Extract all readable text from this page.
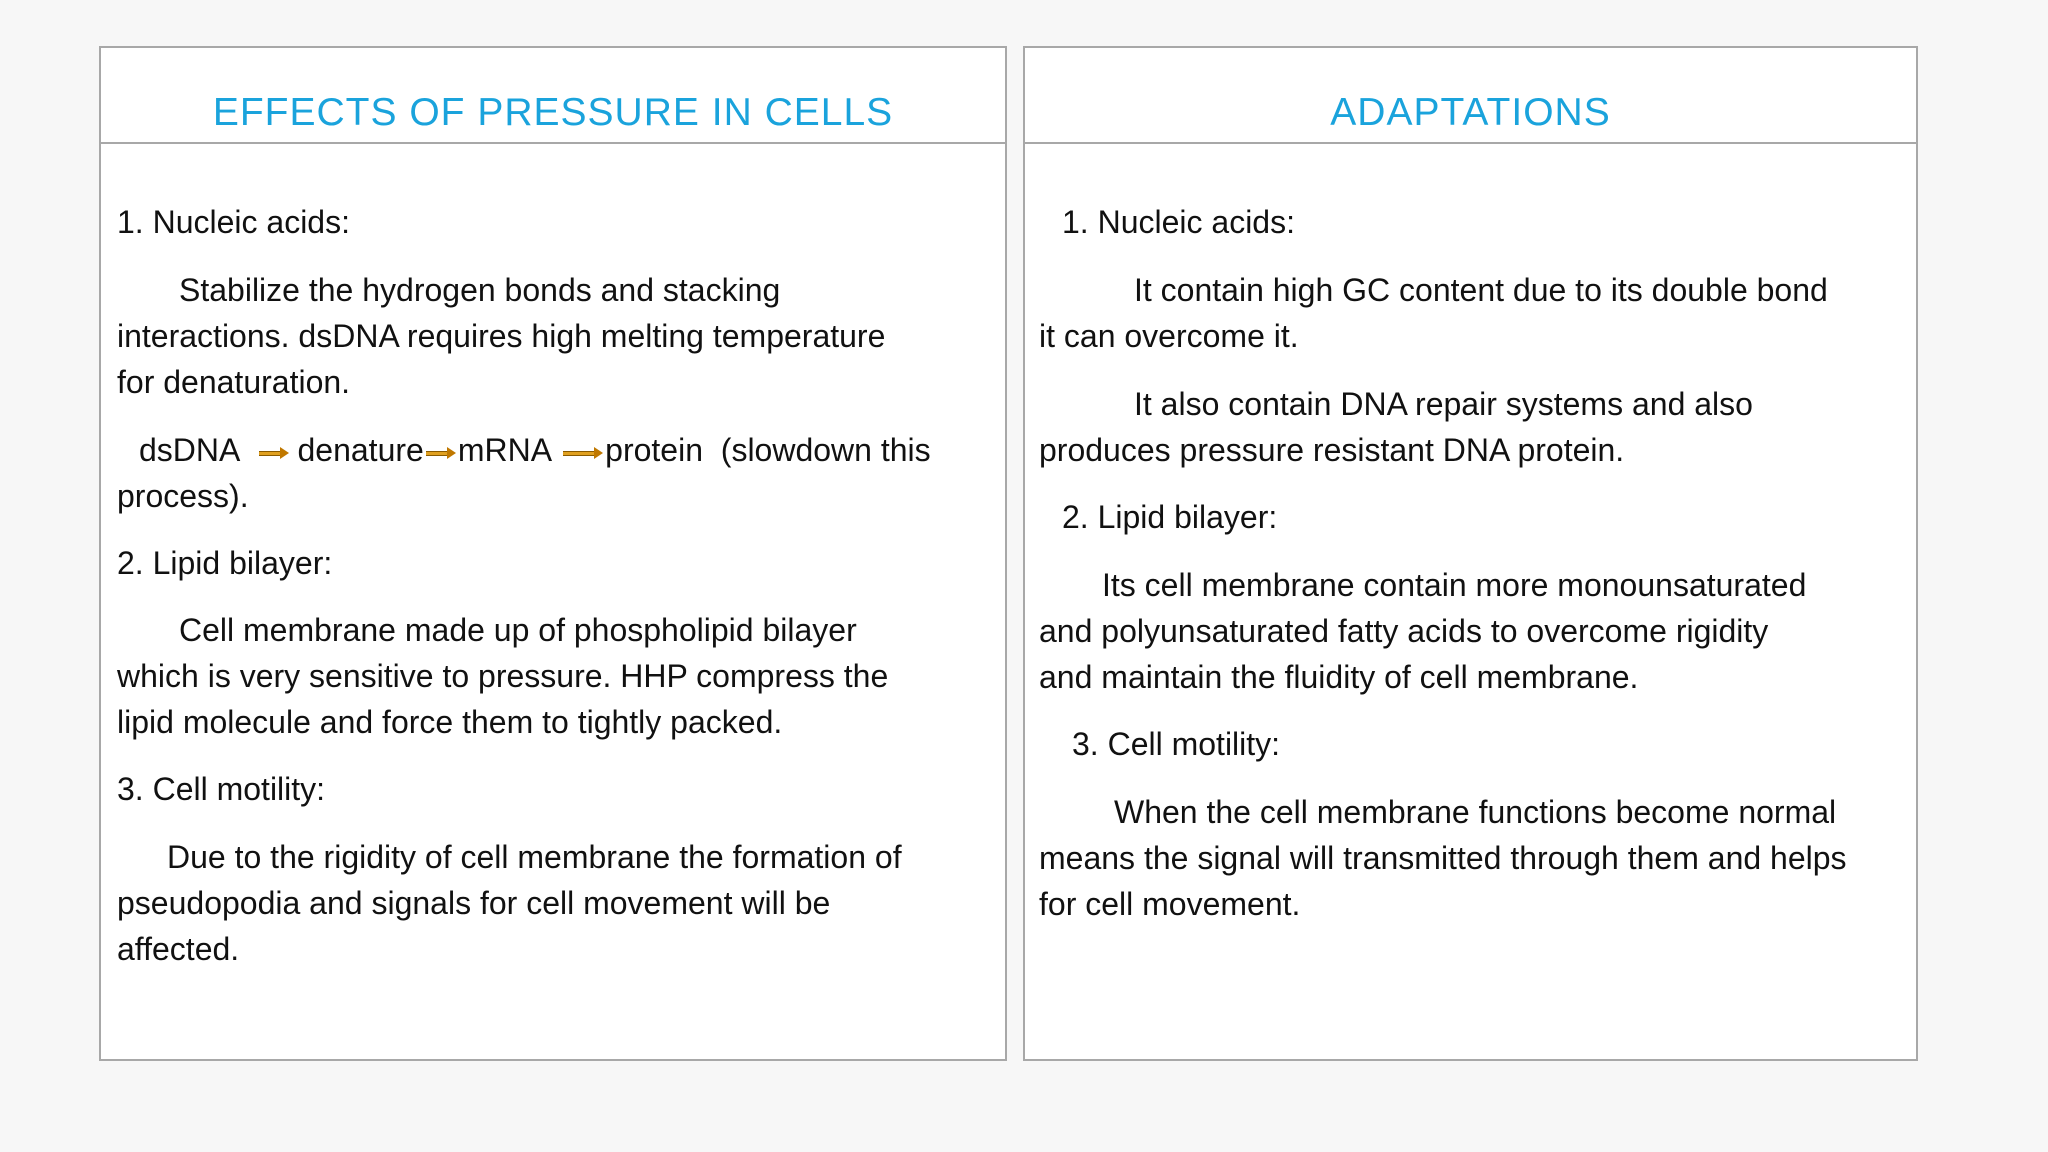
EFFECTS OF PRESSURE IN CELLS
1. Nucleic acids:
Stabilize the hydrogen bonds and stacking
interactions. dsDNA requires high melting temperature
for denaturation.
dsDNA denature mRNA protein (slowdown this
process).
2. Lipid bilayer:
Cell membrane made up of phospholipid bilayer
which is very sensitive to pressure. HHP compress the
lipid molecule and force them to tightly packed.
3. Cell motility:
Due to the rigidity of cell membrane the formation of
pseudopodia and signals for cell movement will be
affected.
ADAPTATIONS
1. Nucleic acids:
It contain high GC content due to its double bond
it can overcome it.
It also contain DNA repair systems and also
produces pressure resistant DNA protein.
2. Lipid bilayer:
Its cell membrane contain more monounsaturated
and polyunsaturated fatty acids to overcome rigidity
and maintain the fluidity of cell membrane.
3. Cell motility:
When the cell membrane functions become normal
means the signal will transmitted through them and helps
for cell movement.
